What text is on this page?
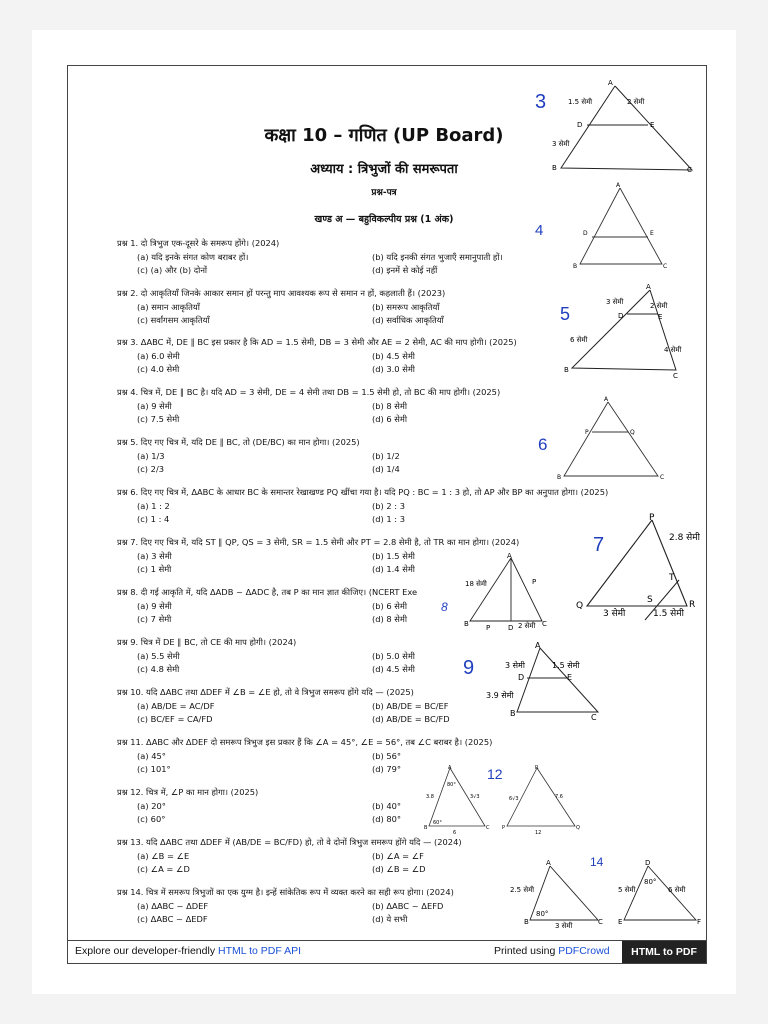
कक्षा 10 – गणित (UP Board)
अध्याय : त्रिभुजों की समरूपता
प्रश्न-पत्र
खण्ड अ — बहुविकल्पीय प्रश्न (1 अंक)
प्रश्न 1. दो त्रिभुज एक-दूसरे के समरूप होंगे। (2024)
(a) यदि इनके संगत कोण बराबर हों।	(b) यदि इनकी संगत भुजाएँ समानुपाती हों।
(c) (a) और (b) दोनों	(d) इनमें से कोई नहीं
प्रश्न 2. दो आकृतियाँ जिनके आकार समान हों परन्तु माप आवश्यक रूप से समान न हों, कहलाती हैं। (2023)
(a) समान आकृतियाँ	(b) समरूप आकृतियाँ
(c) सर्वांगसम आकृतियाँ	(d) सर्वाधिक आकृतियाँ
प्रश्न 3. ΔABC में, DE ∥ BC इस प्रकार है कि AD = 1.5 सेमी, DB = 3 सेमी और AE = 2 सेमी, AC की माप होगी। (2025)
(a) 6.0 सेमी	(b) 4.5 सेमी
(c) 4.0 सेमी	(d) 3.0 सेमी
प्रश्न 4. चित्र में, DE ∥ BC है। यदि AD = 3 सेमी, DE = 4 सेमी तथा DB = 1.5 सेमी हो, तो BC की माप होगी। (2025)
(a) 9 सेमी	(b) 8 सेमी
(c) 7.5 सेमी	(d) 6 सेमी
प्रश्न 5. दिए गए चित्र में, यदि DE ∥ BC, तो (DE/BC) का मान होगा। (2025)
(a) 1/3	(b) 1/2
(c) 2/3	(d) 1/4
प्रश्न 6. दिए गए चित्र में, ΔABC के आधार BC के समान्तर रेखाखण्ड PQ खींचा गया है। यदि PQ : BC = 1 : 3 हो, तो AP और BP का अनुपात होगा। (2025)
(a) 1 : 2	(b) 2 : 3
(c) 1 : 4	(d) 1 : 3
प्रश्न 7. दिए गए चित्र में, यदि ST ∥ QP, QS = 3 सेमी, SR = 1.5 सेमी और PT = 2.8 सेमी है, तो TR का मान होगा। (2024)
(a) 3 सेमी	(b) 1.5 सेमी
(c) 1 सेमी	(d) 1.4 सेमी
प्रश्न 8. दी गई आकृति में, यदि ΔADB ~ ΔADC है, तब P का मान ज्ञात कीजिए। (NCERT Exe
(a) 9 सेमी	(b) 6 सेमी
(c) 7 सेमी	(d) 8 सेमी
प्रश्न 9. चित्र में DE ∥ BC, तो CE की माप होगी। (2024)
(a) 5.5 सेमी	(b) 5.0 सेमी
(c) 4.8 सेमी	(d) 4.5 सेमी
प्रश्न 10. यदि ΔABC तथा ΔDEF में ∠B = ∠E हो, तो वे त्रिभुज समरूप होंगे यदि — (2025)
(a) AB/DE = AC/DF	(b) AB/DE = BC/EF
(c) BC/EF = CA/FD	(d) AB/DE = BC/FD
प्रश्न 11. ΔABC और ΔDEF दो समरूप त्रिभुज इस प्रकार हैं कि ∠A = 45°, ∠E = 56°, तब ∠C बराबर है। (2025)
(a) 45°	(b) 56°
(c) 101°	(d) 79°
प्रश्न 12. चित्र में, ∠P का मान होगा। (2025)
(a) 20°	(b) 40°
(c) 60°	(d) 80°
प्रश्न 13. यदि ΔABC तथा ΔDEF में (AB/DE = BC/FD) हो, तो वे दोनों त्रिभुज समरूप होंगे यदि — (2024)
(a) ∠B = ∠E	(b) ∠A = ∠F
(c) ∠A = ∠D	(d) ∠B = ∠D
प्रश्न 14. चित्र में समरूप त्रिभुजों का एक युग्म है। इन्हें सांकेतिक रूप में व्यक्त करने का सही रूप होगा। (2024)
(a) ΔABC ~ ΔDEF	(b) ΔABC ~ ΔEFD
(c) ΔABC ~ ΔEDF	(d) ये सभी
3
A
B	C
D	E
1.5 सेमी	2 सेमी
3 सेमी
4
A
B	C
D	E
5
A
B
C
D	E
3 सेमी	2 सेमी
6 सेमी
4 सेमी
6
A
B	C
P	Q
7
P
Q	R
S
T
2.8 सेमी
3 सेमी	1.5 सेमी
8
A
B	C
D
P
P
18 सेमी
2 सेमी
9
A
B	C
D	E
3 सेमी	1.5 सेमी
3.9 सेमी
12
A
B	C
R
P	Q
80°
60°
3.8	3√3
6
6√3	7.6
12
14
A
B	C
D
E	F
2.5 सेमी
3 सेमी
80°
80°
5 सेमी	6 सेमी
Explore our developer-friendly HTML to PDF API	Printed using PDFCrowd	HTML to PDF
